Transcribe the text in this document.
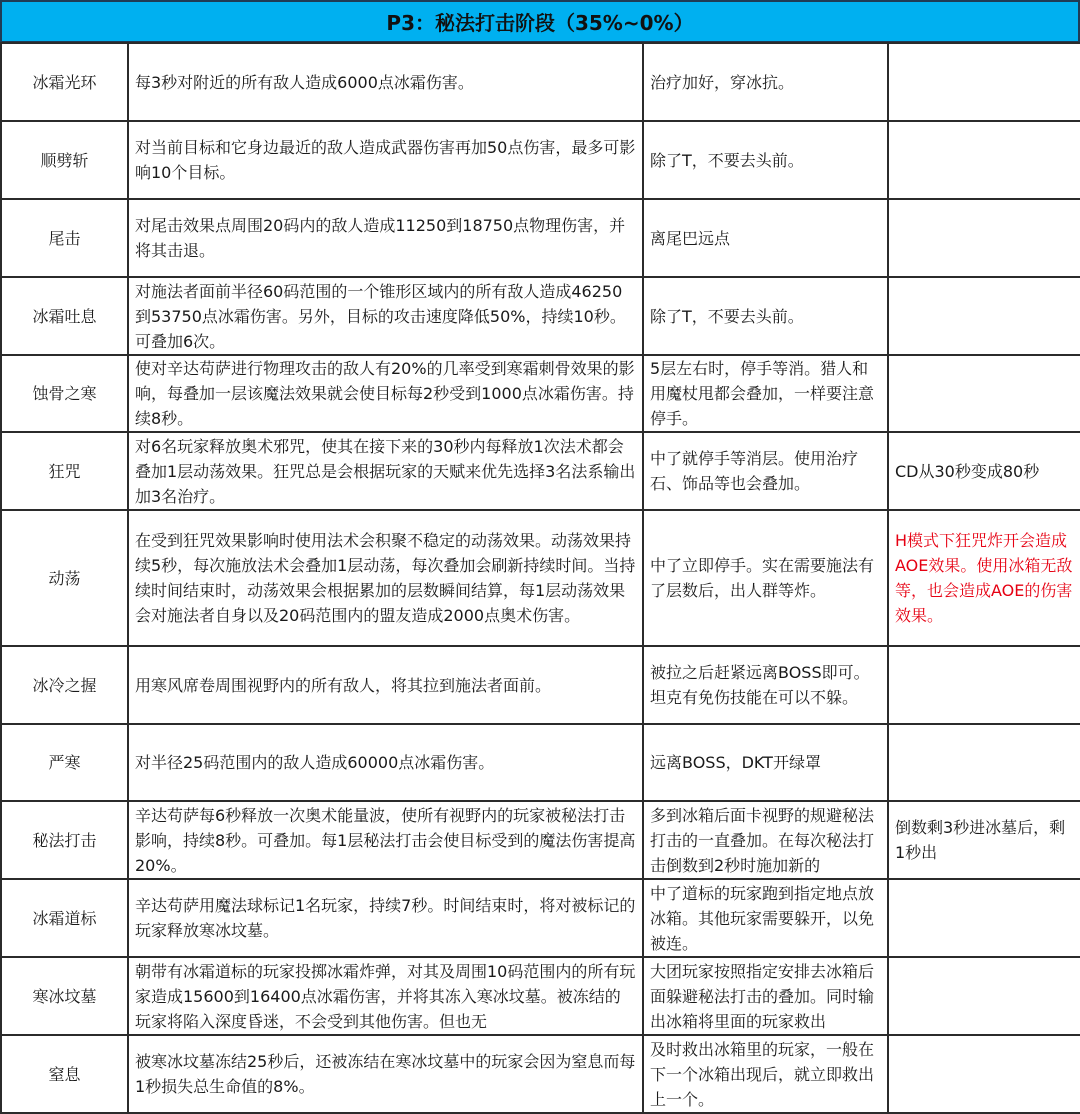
P3：秘法打击阶段（35%~0%）
冰霜光环	每3秒对附近的所有敌人造成6000点冰霜伤害。	治疗加好，穿冰抗。	
顺劈斩	对当前目标和它身边最近的敌人造成武器伤害再加50点伤害，最多可影响10个目标。	除了T，不要去头前。	
尾击	对尾击效果点周围20码内的敌人造成11250到18750点物理伤害，并将其击退。	离尾巴远点	
冰霜吐息	对施法者面前半径60码范围的一个锥形区域内的所有敌人造成46250到53750点冰霜伤害。另外，目标的攻击速度降低50%，持续10秒。可叠加6次。	除了T，不要去头前。	
蚀骨之寒	使对辛达苟萨进行物理攻击的敌人有20%的几率受到寒霜刺骨效果的影响，每叠加一层该魔法效果就会使目标每2秒受到1000点冰霜伤害。持续8秒。	5层左右时，停手等消。猎人和用魔杖甩都会叠加，一样要注意停手。	
狂咒	对6名玩家释放奥术邪咒，使其在接下来的30秒内每释放1次法术都会叠加1层动荡效果。狂咒总是会根据玩家的天赋来优先选择3名法系输出加3名治疗。	中了就停手等消层。使用治疗石、饰品等也会叠加。	CD从30秒变成80秒
动荡	在受到狂咒效果影响时使用法术会积聚不稳定的动荡效果。动荡效果持续5秒，每次施放法术会叠加1层动荡，每次叠加会刷新持续时间。当持续时间结束时，动荡效果会根据累加的层数瞬间结算，每1层动荡效果会对施法者自身以及20码范围内的盟友造成2000点奥术伤害。	中了立即停手。实在需要施法有了层数后，出人群等炸。	H模式下狂咒炸开会造成AOE效果。使用冰箱无敌等，也会造成AOE的伤害效果。
冰冷之握	用寒风席卷周围视野内的所有敌人，将其拉到施法者面前。	被拉之后赶紧远离BOSS即可。坦克有免伤技能在可以不躲。	
严寒	对半径25码范围内的敌人造成60000点冰霜伤害。	远离BOSS，DKT开绿罩	
秘法打击	辛达苟萨每6秒释放一次奥术能量波，使所有视野内的玩家被秘法打击影响，持续8秒。可叠加。每1层秘法打击会使目标受到的魔法伤害提高20%。	多到冰箱后面卡视野的规避秘法打击的一直叠加。在每次秘法打击倒数到2秒时施加新的	倒数剩3秒进冰墓后，剩1秒出
冰霜道标	辛达苟萨用魔法球标记1名玩家，持续7秒。时间结束时，将对被标记的玩家释放寒冰坟墓。	中了道标的玩家跑到指定地点放冰箱。其他玩家需要躲开，以免被连。	
寒冰坟墓	朝带有冰霜道标的玩家投掷冰霜炸弹，对其及周围10码范围内的所有玩家造成15600到16400点冰霜伤害，并将其冻入寒冰坟墓。被冻结的玩家将陷入深度昏迷，不会受到其他伤害。但也无	大团玩家按照指定安排去冰箱后面躲避秘法打击的叠加。同时输出冰箱将里面的玩家救出	
窒息	被寒冰坟墓冻结25秒后，还被冻结在寒冰坟墓中的玩家会因为窒息而每1秒损失总生命值的8%。	及时救出冰箱里的玩家，一般在下一个冰箱出现后，就立即救出上一个。	
